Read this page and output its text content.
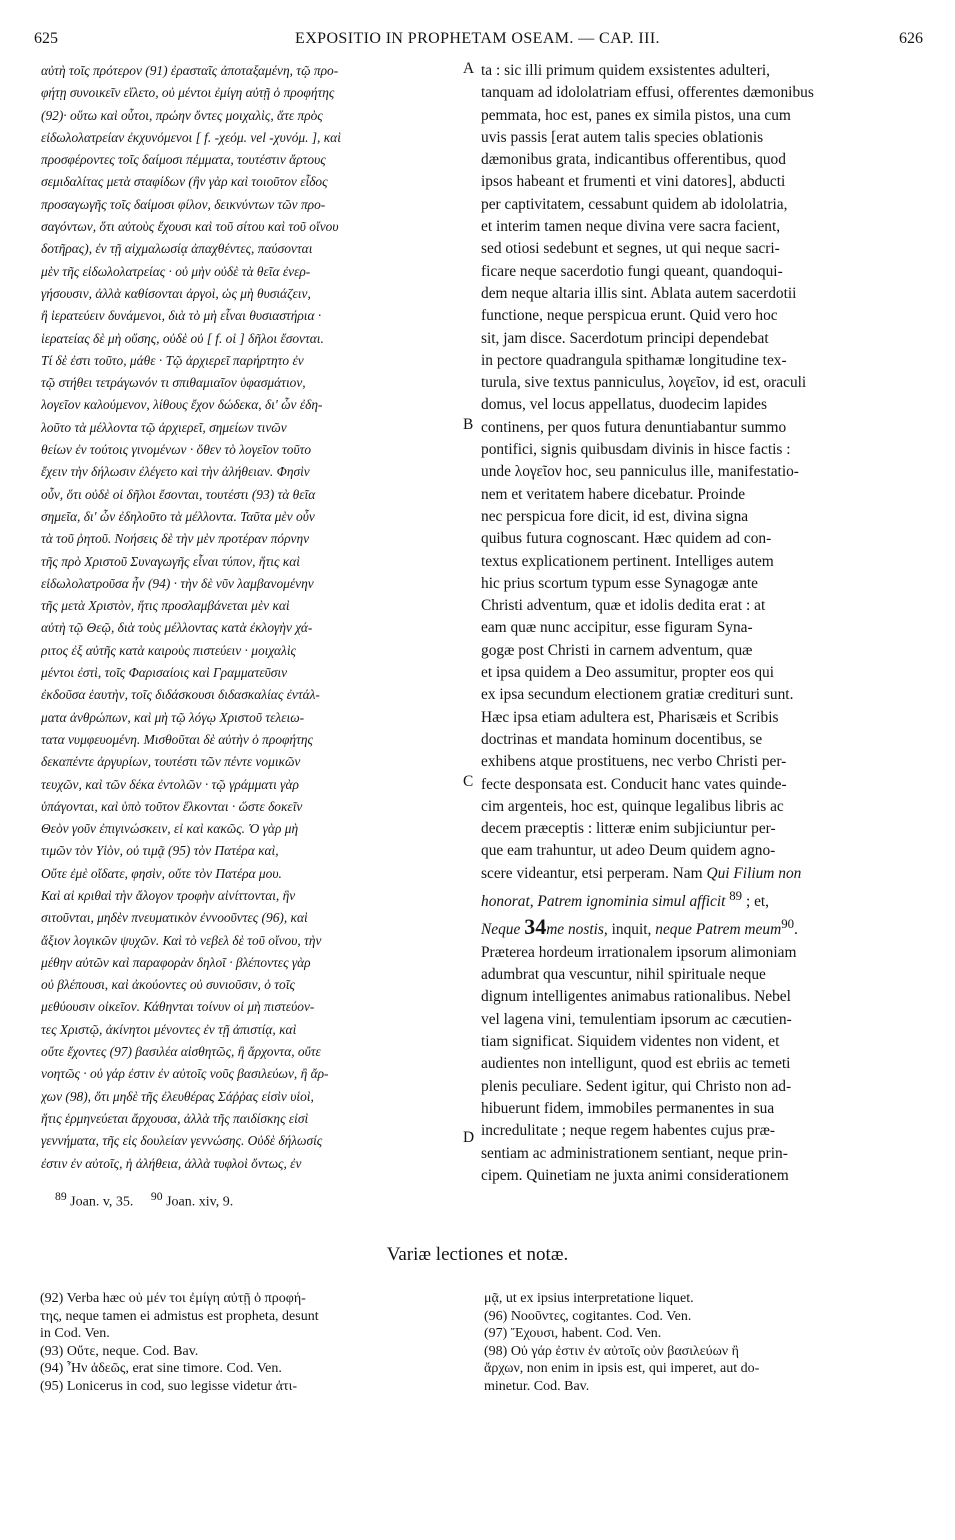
EXPOSITIO IN PROPHETAM OSEAM. — CAP. III.
625	626
αὐτὴ τοῖς πρότερον (91) ἐρασταῖς ἀποταξαμένη, τῷ προ-
φήτῃ συνοικεῖν εἵλετο, οὐ μέντοι ἐμίγη αὐτῇ ὁ προφήτης
(92)· οὕτω καὶ οὗτοι, πρώην ὄντες μοιχαλὶς, ἅτε πρὸς
εἰδωλολατρείαν ἐκχυνόμενοι [ f. -χεόμ. vel -χυνόμ. ], καὶ
προσφέροντες τοῖς δαίμοσι πέμματα, τουτέστιν ἄρτους
σεμιδαλίτας μετὰ σταφίδων (ἣν γὰρ καὶ τοιοῦτον εἶδος
προσαγωγῆς τοῖς δαίμοσι φίλον, δεικνύντων τῶν προ-
σαγόντων, ὅτι αὐτοὺς ἔχουσι καὶ τοῦ σίτου καὶ τοῦ οἴνου
δοτῆρας), ἐν τῇ αἰχμαλωσίᾳ ἀπαχθέντες, παύσονται
μὲν τῆς εἰδωλολατρείας · οὐ μὴν οὐδὲ τὰ θεῖα ἐνερ-
γήσουσιν, ἀλλὰ καθίσονται ἀργοὶ, ὡς μὴ θυσιάζειν,
ἢ ἱερατεύειν δυνάμενοι, διὰ τὸ μὴ εἶναι θυσιαστήρια ·
ἱερατείας δὲ μὴ οὔσης, οὐδὲ οὐ [ f. οἱ ] δῆλοι ἔσονται.
Τί δὲ ἐστι τοῦτο, μάθε · Τῷ ἀρχιερεῖ παρήρτητο ἐν
τῷ στήθει τετράγωνόν τι σπιθαμιαῖον ὑφασμάτιον,
λογεῖον καλούμενον, λίθους ἔχον δώδεκα, δι' ὧν ἐδη-
λοῦτο τὰ μέλλοντα τῷ ἀρχιερεῖ, σημείων τινῶν
θείων ἐν τούτοις γινομένων · ὅθεν τὸ λογεῖον τοῦτο
ἔχειν τὴν δήλωσιν ἐλέγετο καὶ τὴν ἀλήθειαν. Φησὶν
οὖν, ὅτι οὐδὲ οἱ δῆλοι ἔσονται, τουτέστι (93) τὰ θεῖα
σημεῖα, δι' ὧν ἐδηλοῦτο τὰ μέλλοντα. Ταῦτα μὲν οὖν
τὰ τοῦ ῥητοῦ. Νοήσεις δὲ τὴν μὲν προτέραν πόρνην
τῆς πρὸ Χριστοῦ Συναγωγῆς εἶναι τύπον, ἥτις καὶ
εἰδωλολατροῦσα ἦν (94) · τὴν δὲ νῦν λαμβανομένην
τῆς μετὰ Χριστὸν, ἥτις προσλαμβάνεται μὲν καὶ
αὐτὴ τῷ Θεῷ, διὰ τοὺς μέλλοντας κατὰ ἐκλογὴν χά-
ριτος ἐξ αὐτῆς κατὰ καιροὺς πιστεύειν · μοιχαλὶς
μέντοι ἐστὶ, τοῖς Φαρισαίοις καὶ Γραμματεῦσιν
ἐκδοῦσα ἑαυτὴν, τοῖς διδάσκουσι διδασκαλίας ἐντάλ-
ματα ἀνθρώπων, καὶ μὴ τῷ λόγῳ Χριστοῦ τελειω-
τατα νυμφευομένη. Μισθοῦται δὲ αὐτὴν ὁ προφήτης
δεκαπέντε ἀργυρίων, τουτέστι τῶν πέντε νομικῶν
τευχῶν, καὶ τῶν δέκα ἐντολῶν · τῷ γράμματι γὰρ
ὑπάγονται, καὶ ὑπὸ τοῦτον ἕλκονται · ὥστε δοκεῖν
Θεὸν γοῦν ἐπιγινώσκειν, εἰ καὶ κακῶς. Ὁ γὰρ μὴ
τιμῶν τὸν Υἱὸν, οὐ τιμᾷ (95) τὸν Πατέρα καὶ,
Οὔτε ἐμὲ οἴδατε, φησὶν, οὔτε τὸν Πατέρα μου.
Καὶ αἱ κριθαὶ τὴν ἄλογον τροφὴν αἰνίττονται, ἣν
σιτοῦνται, μηδὲν πνευματικὸν ἐννοοῦντες (96), καὶ
ἄξιον λογικῶν ψυχῶν. Καὶ τὸ νεβελ δὲ τοῦ οἴνου, τὴν
μέθην αὐτῶν καὶ παραφορὰν δηλοῖ · βλέποντες γὰρ
οὐ βλέπουσι, καὶ ἀκούοντες οὐ συνιοῦσιν, ὁ τοῖς
μεθύουσιν οἰκεῖον. Κάθηνται τοίνυν οἱ μὴ πιστεύον-
τες Χριστῷ, ἀκίνητοι μένοντες ἐν τῇ ἀπιστίᾳ, καὶ
οὔτε ἔχοντες (97) βασιλέα αἰσθητῶς, ἢ ἄρχοντα, οὔτε
νοητῶς · οὐ γάρ ἐστιν ἐν αὐτοῖς νοῦς βασιλεύων, ἢ ἄρ-
χων (98), ὅτι μηδὲ τῆς ἐλευθέρας Σάῤῥας εἰσὶν υἱοὶ,
ἥτις ἑρμηνεύεται ἄρχουσα, ἀλλὰ τῆς παιδίσκης εἰσὶ
γεννήματα, τῆς εἰς δουλείαν γεννώσης. Οὐδὲ δήλωσίς
ἐστιν ἐν αὐτοῖς, ἡ ἀλήθεια, ἀλλὰ τυφλοὶ ὄντως, ἐν
A
B
C
D
ta : sic illi primum quidem exsistentes adulteri,
tanquam ad idololatriam effusi, offerentes dæmonibus
pemmata, hoc est, panes ex simila pistos, una cum
uvis passis [erat autem talis species oblationis
dæmonibus grata, indicantibus offerentibus, quod
ipsos habeant et frumenti et vini datores], abducti
per captivitatem, cessabunt quidem ab idololatria,
et interim tamen neque divina vere sacra facient,
sed otiosi sedebunt et segnes, ut qui neque sacri-
ficare neque sacerdotio fungi queant, quandoqui-
dem neque altaria illis sint. Ablata autem sacerdotii
functione, neque perspicua erunt. Quid vero hoc
sit, jam disce. Sacerdotum principi dependebat
in pectore quadrangula spithamæ longitudine tex-
turula, sive textus panniculus, λογεῖον, id est, oraculi
domus, vel locus appellatus, duodecim lapides
continens, per quos futura denuntiabantur summo
pontifici, signis quibusdam divinis in hisce factis :
unde λογεῖον hoc, seu panniculus ille, manifestatio-
nem et veritatem habere dicebatur. Proinde
nec perspicua fore dicit, id est, divina signa
quibus futura cognoscant. Hæc quidem ad con-
textus explicationem pertinent. Intelliges autem
hic prius scortum typum esse Synagogæ ante
Christi adventum, quæ et idolis dedita erat : at
eam quæ nunc accipitur, esse figuram Syna-
gogæ post Christi in carnem adventum, quæ
et ipsa quidem a Deo assumitur, propter eos qui
ex ipsa secundum electionem gratiæ credituri sunt.
Hæc ipsa etiam adultera est, Pharisæis et Scribis
doctrinas et mandata hominum docentibus, se
exhibens atque prostituens, nec verbo Christi per-
fecte desponsata est. Conducit hanc vates quinde-
cim argenteis, hoc est, quinque legalibus libris ac
decem præceptis : litteræ enim subjiciuntur per-
que eam trahuntur, ut adeo Deum quidem agno-
scere videantur, etsi perperam. Nam Qui Filium non
honorat, Patrem ignominia simul afficit $^{89}$ ; et,
Neque 34me nostis, inquit, neque Patrem meum$^{90}$.
Præterea hordeum irrationalem ipsorum alimoniam
adumbrat qua vescuntur, nihil spirituale neque
dignum intelligentes animabus rationalibus. Nebel
vel lagena vini, temulentiam ipsorum ac cæcutien-
tiam significat. Siquidem videntes non vident, et
audientes non intelligunt, quod est ebriis ac temeti
plenis peculiare. Sedent igitur, qui Christo non ad-
hibuerunt fidem, immobiles permanentes in sua
incredulitate ; neque regem habentes cujus præ-
sentiam ac administrationem sentiant, neque prin-
cipem. Quinetiam ne juxta animi considerationem
$^{89}$ Joan. v, 35. $^{90}$ Joan. xiv, 9.
Variæ lectiones et notæ.
(92) Verba hæc οὐ μέν τοι ἐμίγη αὐτῇ ὁ προφή-
της, neque tamen ei admistus est propheta, desunt
in Cod. Ven.
(93) Οὔτε, neque. Cod. Bav.
(94) Ἦν ἀδεῶς, erat sine timore. Cod. Ven.
(95) Lonicerus in cod, suo legisse videtur ἀτι-
μᾷ, ut ex ipsius interpretatione liquet.
(96) Νοοῦντες, cogitantes. Cod. Ven.
(97) Ἔχουσι, habent. Cod. Ven.
(98) Οὐ γάρ ἐστιν ἐν αὐτοῖς οὐν βασιλεύων ἢ
ἄρχων, non enim in ipsis est, qui imperet, aut do-
minetur. Cod. Bav.
